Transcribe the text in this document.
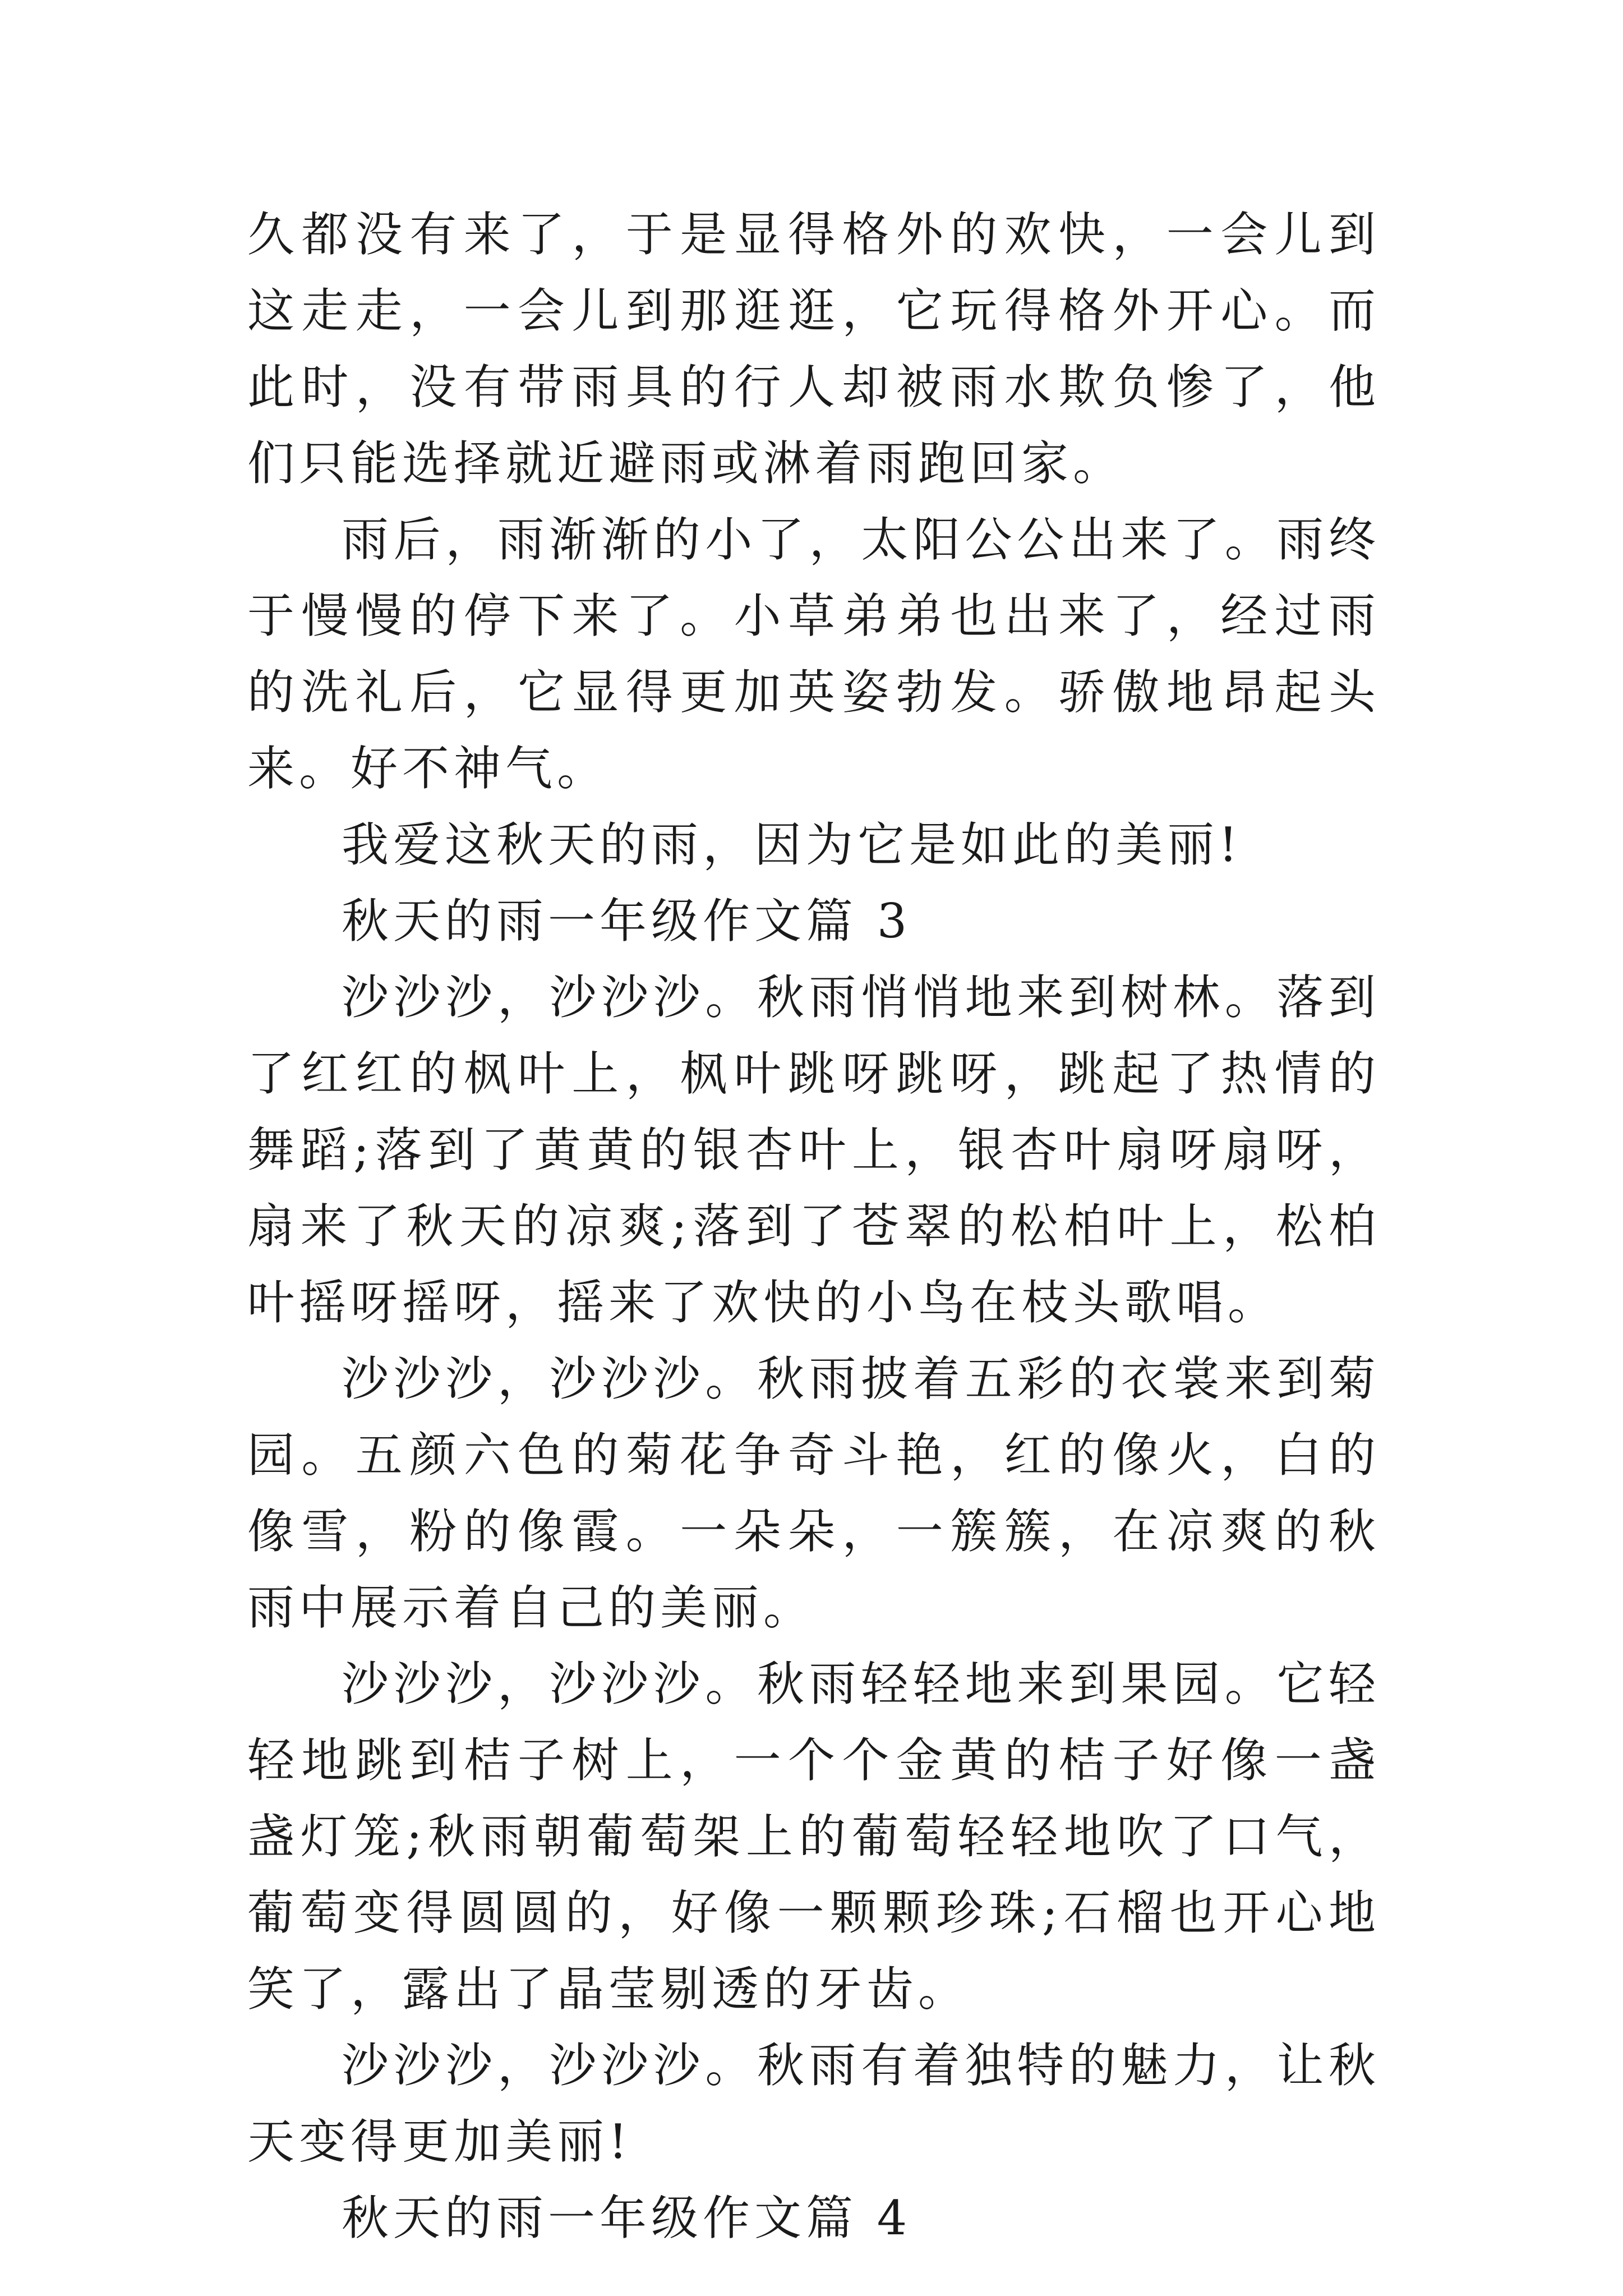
久都没有来了，于是显得格外的欢快，一会儿到这走走，一会儿到那逛逛，它玩得格外开心。而此时，没有带雨具的行人却被雨水欺负惨了，他们只能选择就近避雨或淋着雨跑回家。

雨后，雨渐渐的小了，太阳公公出来了。雨终于慢慢的停下来了。小草弟弟也出来了，经过雨的洗礼后，它显得更加英姿勃发。骄傲地昂起头来。好不神气。

我爱这秋天的雨，因为它是如此的美丽!

秋天的雨一年级作文篇 3

沙沙沙，沙沙沙。秋雨悄悄地来到树林。落到了红红的枫叶上，枫叶跳呀跳呀，跳起了热情的舞蹈;落到了黄黄的银杏叶上，银杏叶扇呀扇呀，扇来了秋天的凉爽;落到了苍翠的松柏叶上，松柏叶摇呀摇呀，摇来了欢快的小鸟在枝头歌唱。

沙沙沙，沙沙沙。秋雨披着五彩的衣裳来到菊园。五颜六色的菊花争奇斗艳，红的像火，白的像雪，粉的像霞。一朵朵，一簇簇，在凉爽的秋雨中展示着自己的美丽。

沙沙沙，沙沙沙。秋雨轻轻地来到果园。它轻轻地跳到桔子树上，一个个金黄的桔子好像一盏盏灯笼;秋雨朝葡萄架上的葡萄轻轻地吹了口气，葡萄变得圆圆的，好像一颗颗珍珠;石榴也开心地笑了，露出了晶莹剔透的牙齿。

沙沙沙，沙沙沙。秋雨有着独特的魅力，让秋天变得更加美丽!

秋天的雨一年级作文篇 4
